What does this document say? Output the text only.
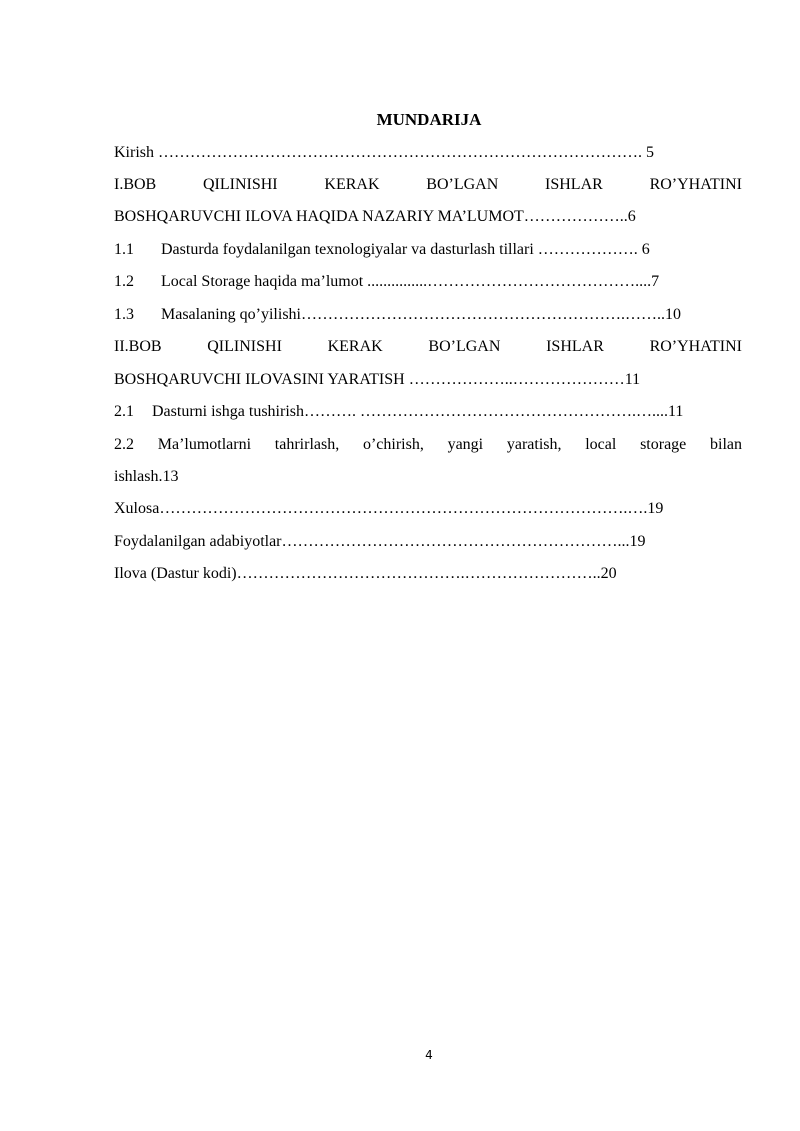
MUNDARIJA
Kirish ………………………………………………………………………………. 5
I.BOB QILINISHI KERAK BO’LGAN ISHLAR RO’YHATINI
BOSHQARUVCHI ILOVA HAQIDA NAZARIY MA’LUMOT………………..6
1.1 Dasturda foydalanilgan texnologiyalar va dasturlash tillari ………………. 6
1.2 Local Storage haqida ma’lumot ...............…………………………………....7
1.3 Masalaning qo’yilishi…………………………………………………….……..10
II.BOB QILINISHI KERAK BO’LGAN ISHLAR RO’YHATINI
BOSHQARUVCHI ILOVASINI YARATISH ………………..…………………11
2.1 Dasturni ishga tushirish………. …………………………………………….…....11
2.2 Ma’lumotlarni tahrirlash, o’chirish, yangi yaratish, local storage bilan
ishlash.13
Xulosa…………………………………………………………………………….….19
Foydalanilgan adabiyotlar………………………………………………………...19
Ilova (Dastur kodi)…………………………………….……………………..20
4
